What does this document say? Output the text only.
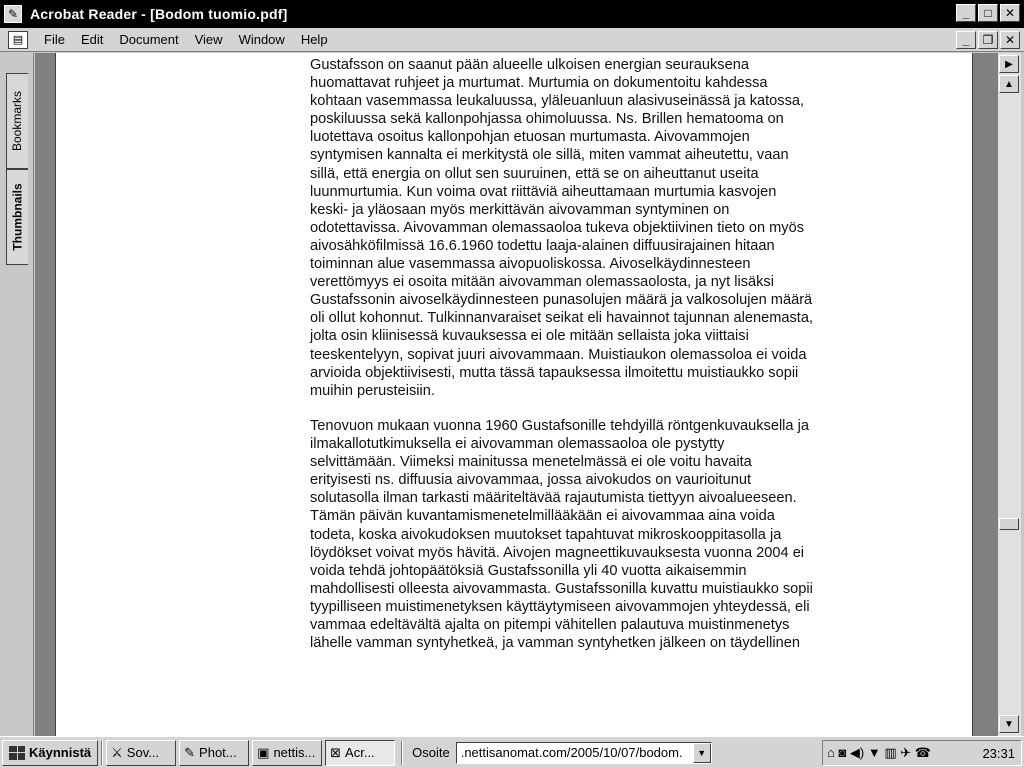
✎ Acrobat Reader - [Bodom tuomio.pdf]	_	□	✕
▤	File	Edit	Document	View	Window	Help	_	❐ ✕
Bookmarks
Thumbnails
Gustafsson on saanut pään alueelle ulkoisen energian seurauksena
huomattavat ruhjeet ja murtumat. Murtumia on dokumentoitu kahdessa
kohtaan vasemmassa leukaluussa, yläleuanluun alasivuseinässä ja katossa,
poskiluussa sekä kallonpohjassa ohimoluussa. Ns. Brillen hematooma on
luotettava osoitus kallonpohjan etuosan murtumasta. Aivovammojen
syntymisen kannalta ei merkitystä ole sillä, miten vammat aiheutettu, vaan
sillä, että energia on ollut sen suuruinen, että se on aiheuttanut useita
luunmurtumia. Kun voima ovat riittäviä aiheuttamaan murtumia kasvojen
keski- ja yläosaan myös merkittävän aivovamman syntyminen on
odotettavissa. Aivovamman olemassaoloa tukeva objektiivinen tieto on myös
aivosähköfilmissä 16.6.1960 todettu laaja-alainen diffuusirajainen hitaan
toiminnan alue vasemmassa aivopuoliskossa. Aivoselkäydinnesteen
verettömyys ei osoita mitään aivovamman olemassaolosta, ja nyt lisäksi
Gustafssonin aivoselkäydinnesteen punasolujen määrä ja valkosolujen määrä
oli ollut kohonnut. Tulkinnanvaraiset seikat eli havainnot tajunnan alenemasta,
jolta osin kliinisessä kuvauksessa ei ole mitään sellaista joka viittaisi
teeskentelyyn, sopivat juuri aivovammaan. Muistiaukon olemassoloa ei voida
arvioida objektiivisesti, mutta tässä tapauksessa ilmoitettu muistiaukko sopii
muihin perusteisiin.
Tenovuon mukaan vuonna 1960 Gustafsonille tehdyillä röntgenkuvauksella ja
ilmakallotutkimuksella ei aivovamman olemassaoloa ole pystytty
selvittämään. Viimeksi mainitussa menetelmässä ei ole voitu havaita
erityisesti ns. diffuusia aivovammaa, jossa aivokudos on vaurioitunut
solutasolla ilman tarkasti määriteltävää rajautumista tiettyyn aivoalueeseen.
Tämän päivän kuvantamismenetelmillääkään ei aivovammaa aina voida
todeta, koska aivokudoksen muutokset tapahtuvat mikroskooppitasolla ja
löydökset voivat myös hävitä. Aivojen magneettikuvauksesta vuonna 2004 ei
voida tehdä johtopäätöksiä Gustafssonilla yli 40 vuotta aikaisemmin
mahdollisesti olleesta aivovammasta. Gustafssonilla kuvattu muistiaukko sopii
tyypilliseen muistimenetyksen käyttäytymiseen aivovammojen yhteydessä, eli
vammaa edeltävältä ajalta on pitempi vähitellen palautuva muistinmenetys
lähelle vamman syntyhetkeä, ja vamman syntyhetken jälkeen on täydellinen
▶
▲
▼
Käynnistä ⚔ Sov... ✎ Phot... ▣ nettis... ⊠ Acr...	Osoite .nettisanomat.com/2005/10/07/bodom.	▼	⌂ ◙ ◀) ▼ ▥ ✈ ☎	23:31
